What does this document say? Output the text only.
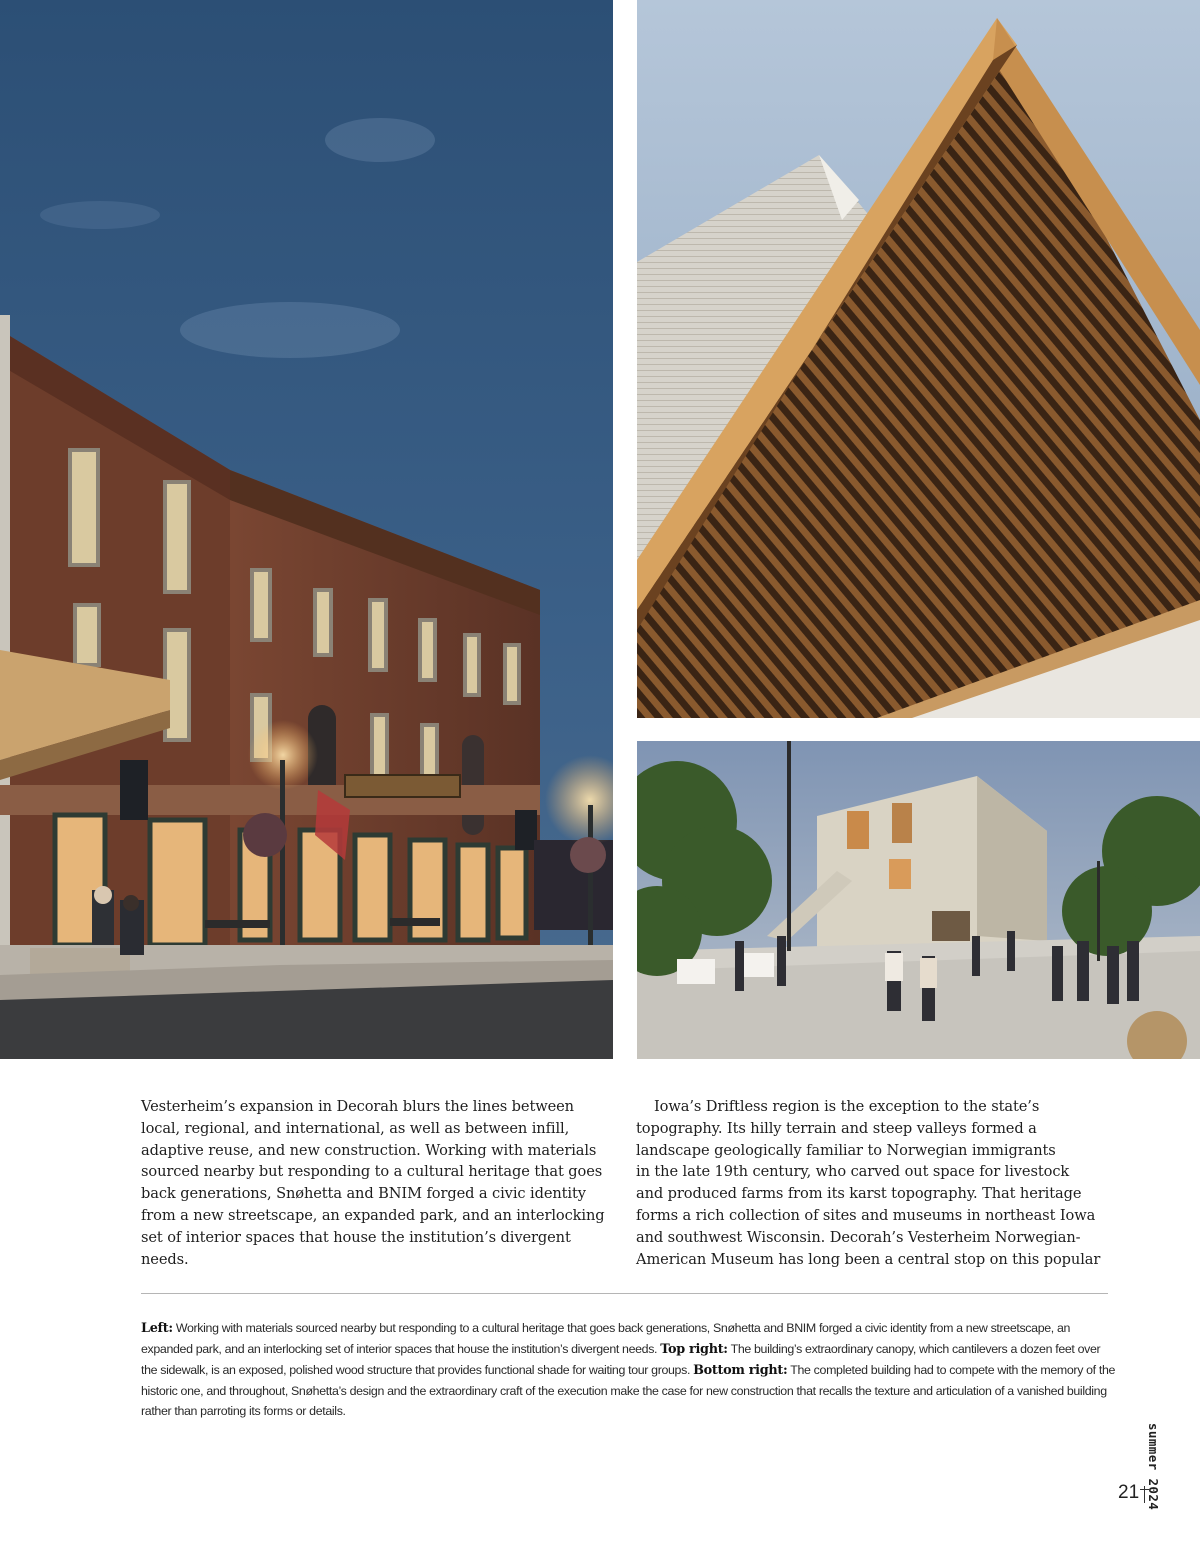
Vesterheim’s expansion in Decorah blurs the lines between local, regional, and international, as well as between infill, adaptive reuse, and new construction. Working with materials sourced nearby but responding to a cultural heritage that goes back generations, Snøhetta and BNIM forged a civic identity from a new streetscape, an expanded park, and an interlocking set of interior spaces that house the institution’s divergent needs.

Iowa’s Driftless region is the exception to the state’s
topography. Its hilly terrain and steep valleys formed a
landscape geologically familiar to Norwegian immigrants
in the late 19th century, who carved out space for livestock
and produced farms from its karst topography. That heritage
forms a rich collection of sites and museums in northeast Iowa
and southwest Wisconsin. Decorah’s Vesterheim Norwegian-
American Museum has long been a central stop on this popular

Left: Working with materials sourced nearby but responding to a cultural heritage that goes back generations, Snøhetta and BNIM forged a civic identity from a new streetscape, an expanded park, and an interlocking set of interior spaces that house the institution’s divergent needs. Top right: The building’s extraordinary canopy, which cantilevers a dozen feet over the sidewalk, is an exposed, polished wood structure that provides functional shade for waiting tour groups. Bottom right: The completed building had to compete with the memory of the historic one, and throughout, Snøhetta’s design and the extraordinary craft of the execution make the case for new construction that recalls the texture and articulation of a vanished building rather than parroting its forms or details.

21 summer 2024
